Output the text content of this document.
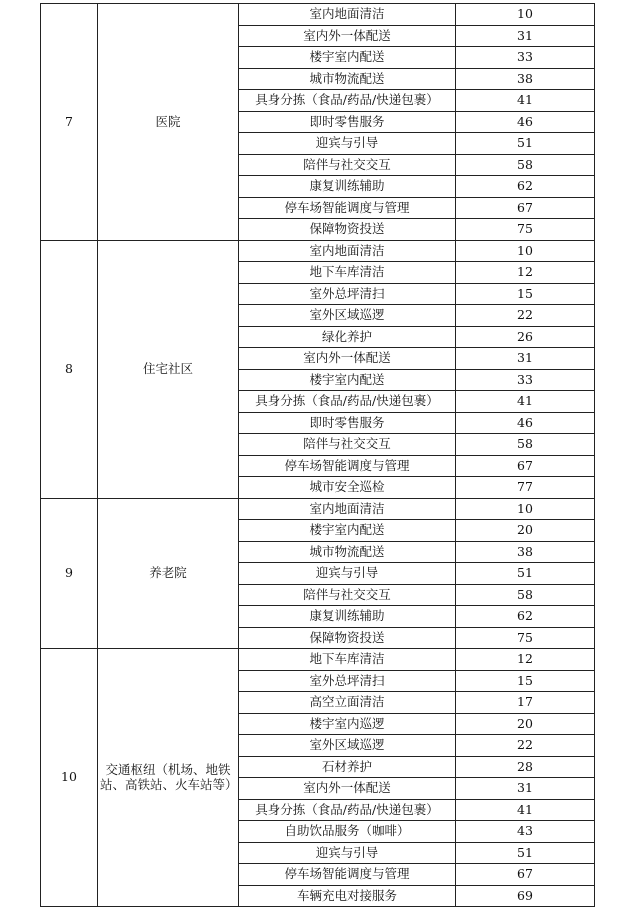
7	医院	室内地面清洁	10
		室内外一体配送	31
		楼宇室内配送	33
		城市物流配送	38
		具身分拣（食品/药品/快递包裹）	41
		即时零售服务	46
		迎宾与引导	51
		陪伴与社交交互	58
		康复训练辅助	62
		停车场智能调度与管理	67
		保障物资投送	75
8	住宅社区	室内地面清洁	10
		地下车库清洁	12
		室外总坪清扫	15
		室外区域巡逻	22
		绿化养护	26
		室内外一体配送	31
		楼宇室内配送	33
		具身分拣（食品/药品/快递包裹）	41
		即时零售服务	46
		陪伴与社交交互	58
		停车场智能调度与管理	67
		城市安全巡检	77
9	养老院	室内地面清洁	10
		楼宇室内配送	20
		城市物流配送	38
		迎宾与引导	51
		陪伴与社交交互	58
		康复训练辅助	62
		保障物资投送	75
10	交通枢纽（机场、地铁站、高铁站、火车站等）	地下车库清洁	12
		室外总坪清扫	15
		高空立面清洁	17
		楼宇室内巡逻	20
		室外区域巡逻	22
		石材养护	28
		室内外一体配送	31
		具身分拣（食品/药品/快递包裹）	41
		自助饮品服务（咖啡）	43
		迎宾与引导	51
		停车场智能调度与管理	67
		车辆充电对接服务	69
